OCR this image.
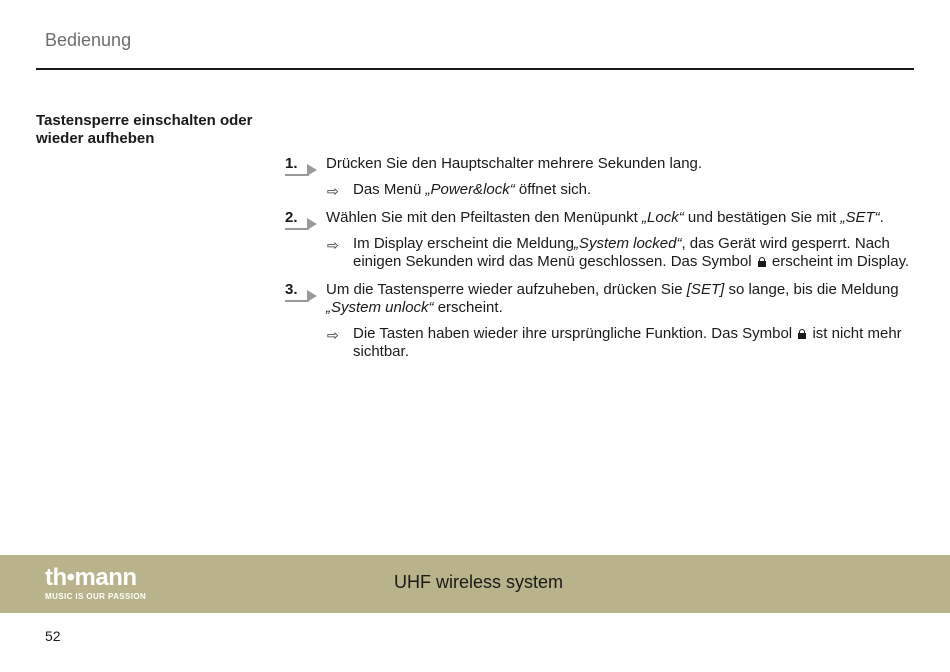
Bedienung
Tastensperre einschalten oder wieder aufheben
1.	Drücken Sie den Hauptschalter mehrere Sekunden lang.
⇨ Das Menü „Power&lock“ öffnet sich.
2.	Wählen Sie mit den Pfeiltasten den Menüpunkt „Lock“ und bestätigen Sie mit „SET“.
⇨ Im Display erscheint die Meldung„System locked“, das Gerät wird gesperrt. Nach einigen Sekunden wird das Menü geschlossen. Das Symbol
erscheint im Display.
3.	Um die Tastensperre wieder aufzuheben, drücken Sie [SET] so lange, bis die Meldung „System unlock“ erscheint.
⇨ Die Tasten haben wieder ihre ursprüngliche Funktion. Das Symbol
ist nicht mehr sichtbar.
th•mann
MUSIC IS OUR PASSION
UHF wireless system
52
